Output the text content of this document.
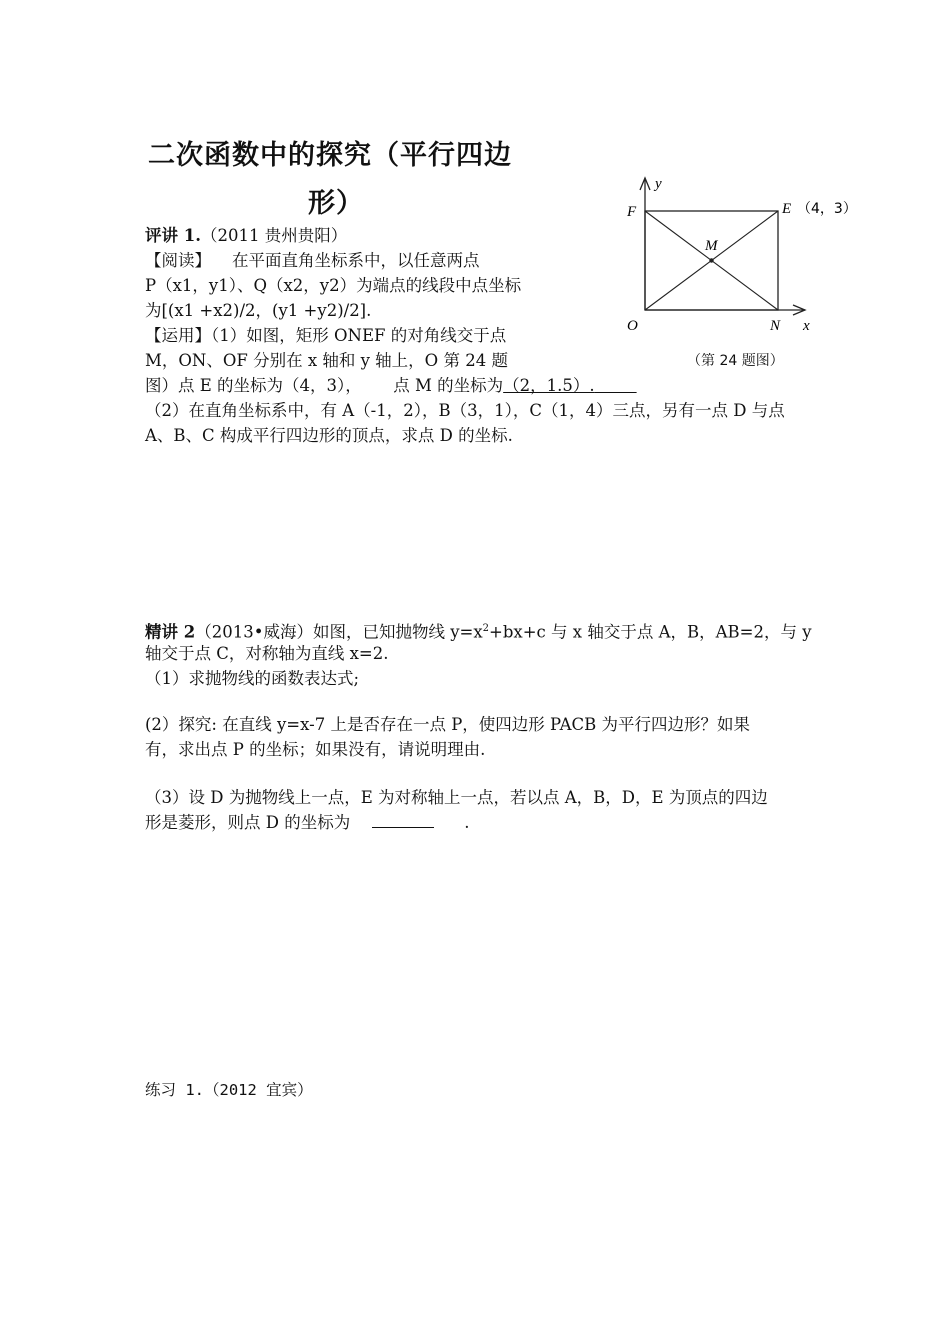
二次函数中的探究（平行四边
形）
y
F	E （4，3）
M
O	N x
（第 24 题图）
评讲 1.（2011 贵州贵阳）
【阅读】 在平面直角坐标系中，以任意两点
P（x1，y1）、Q（x2，y2）为端点的线段中点坐标
为[(x1 +x2)/2，(y1 +y2)/2].
【运用】（1）如图，矩形 ONEF 的对角线交于点
M，ON、OF 分别在 x 轴和 y 轴上，O 第 24 题
图）点 E 的坐标为（4，3）， 点 M 的坐标为（2，1.5）.
（2）在直角坐标系中，有 A（-1，2），B（3，1），C（1，4）三点，另有一点 D 与点
A、B、C 构成平行四边形的顶点，求点 D 的坐标.
精讲 2（2013•威海）如图，已知抛物线 $y=x^2+bx+c$ 与 x 轴交于点 A，B，AB=2，与 y
轴交于点 C，对称轴为直线 x=2.
（1）求抛物线的函数表达式;
(2）探究: 在直线 y=x-7 上是否存在一点 P，使四边形 PACB 为平行四边形？如果
有，求出点 P 的坐标；如果没有，请说明理由.
（3）设 D 为抛物线上一点，E 为对称轴上一点，若以点 A，B，D，E 为顶点的四边
形是菱形，则点 D 的坐标为	.
练习 1.（2012 宜宾）
